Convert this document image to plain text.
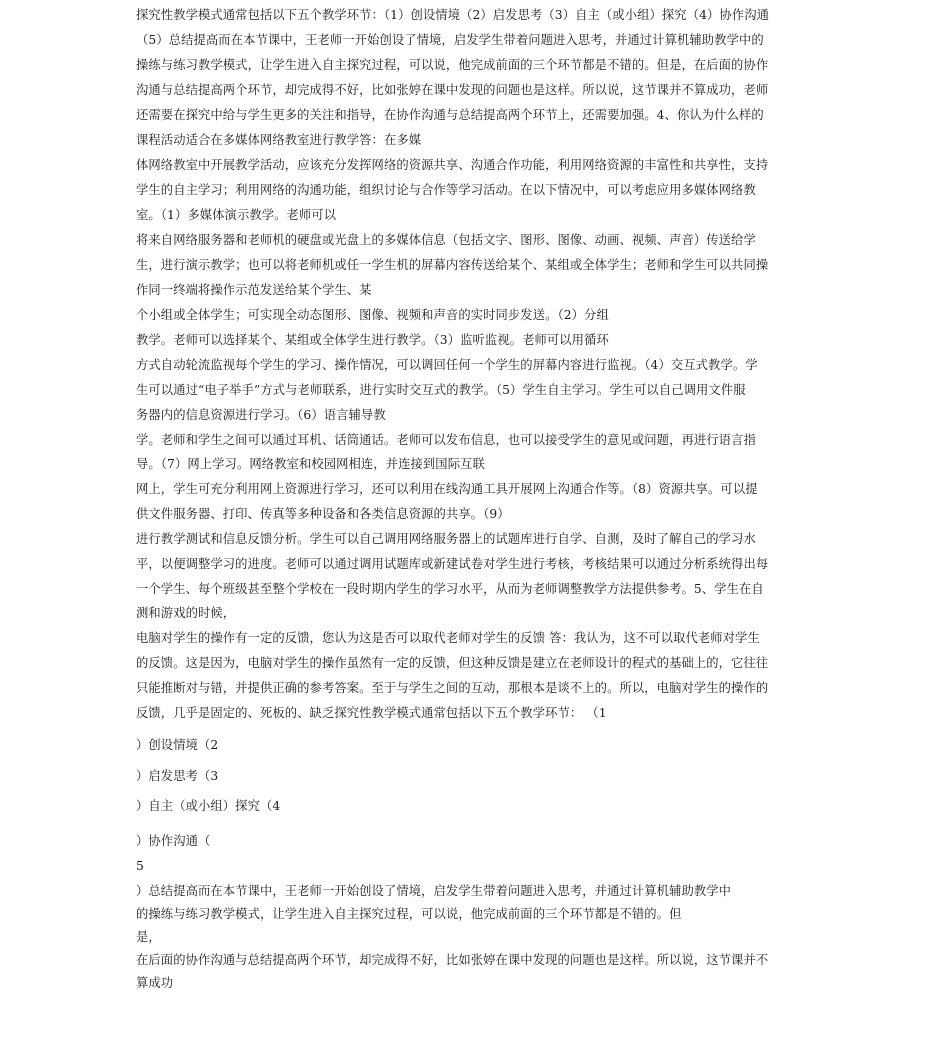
探究性教学模式通常包括以下五个教学环节：（1）创设情境（2）启发思考（3）自主（或小组）探究（4）协作沟通
（5）总结提高而在本节课中，王老师一开始创设了情境，启发学生带着问题进入思考，并通过计算机辅助教学中的
操练与练习教学模式，让学生进入自主探究过程，可以说，他完成前面的三个环节都是不错的。但是，在后面的协作
沟通与总结提高两个环节，却完成得不好，比如张婷在课中发现的问题也是这样。所以说，这节课并不算成功，老师
还需要在探究中给与学生更多的关注和指导，在协作沟通与总结提高两个环节上，还需要加强。4、你认为什么样的
课程活动适合在多媒体网络教室进行教学答：在多媒
体网络教室中开展教学活动，应该充分发挥网络的资源共享、沟通合作功能，利用网络资源的丰富性和共享性，支持
学生的自主学习；利用网络的沟通功能，组织讨论与合作等学习活动。在以下情况中，可以考虑应用多媒体网络教
室。（1）多媒体演示教学。老师可以
将来自网络服务器和老师机的硬盘或光盘上的多媒体信息（包括文字、图形、图像、动画、视频、声音）传送给学
生，进行演示教学；也可以将老师机或任一学生机的屏幕内容传送给某个、某组或全体学生；老师和学生可以共同操
作同一终端将操作示范发送给某个学生、某
个小组或全体学生；可实现全动态图形、图像、视频和声音的实时同步发送。（2）分组
教学。老师可以选择某个、某组或全体学生进行教学。（3）监听监视。老师可以用循环
方式自动轮流监视每个学生的学习、操作情况，可以调回任何一个学生的屏幕内容进行监视。（4）交互式教学。学
生可以通过“电子举手”方式与老师联系，进行实时交互式的教学。（5）学生自主学习。学生可以自己调用文件服
务器内的信息资源进行学习。（6）语言辅导教
学。老师和学生之间可以通过耳机、话筒通话。老师可以发布信息，也可以接受学生的意见或问题，再进行语言指
导。（7）网上学习。网络教室和校园网相连，并连接到国际互联
网上，学生可充分利用网上资源进行学习，还可以利用在线沟通工具开展网上沟通合作等。（8）资源共享。可以提
供文件服务器、打印、传真等多种设备和各类信息资源的共享。（9）
进行教学测试和信息反馈分析。学生可以自己调用网络服务器上的试题库进行自学、自测，及时了解自己的学习水
平，以便调整学习的进度。老师可以通过调用试题库或新建试卷对学生进行考核，考核结果可以通过分析系统得出每
一个学生、每个班级甚至整个学校在一段时期内学生的学习水平，从而为老师调整教学方法提供参考。5、学生在自
测和游戏的时候，
电脑对学生的操作有一定的反馈，您认为这是否可以取代老师对学生的反馈 答：我认为，这不可以取代老师对学生
的反馈。这是因为，电脑对学生的操作虽然有一定的反馈，但这种反馈是建立在老师设计的程式的基础上的，它往往
只能推断对与错，并提供正确的参考答案。至于与学生之间的互动，那根本是谈不上的。所以，电脑对学生的操作的
反馈，几乎是固定的、死板的、缺乏探究性教学模式通常包括以下五个教学环节： （1
）创设情境（2
）启发思考（3
）自主（或小组）探究（4
）协作沟通（
5
）总结提高而在本节课中，王老师一开始创设了情境，启发学生带着问题进入思考，并通过计算机辅助教学中
的操练与练习教学模式，让学生进入自主探究过程，可以说，他完成前面的三个环节都是不错的。但
是，
在后面的协作沟通与总结提高两个环节，却完成得不好，比如张婷在课中发现的问题也是这样。所以说，这节课并不
算成功
